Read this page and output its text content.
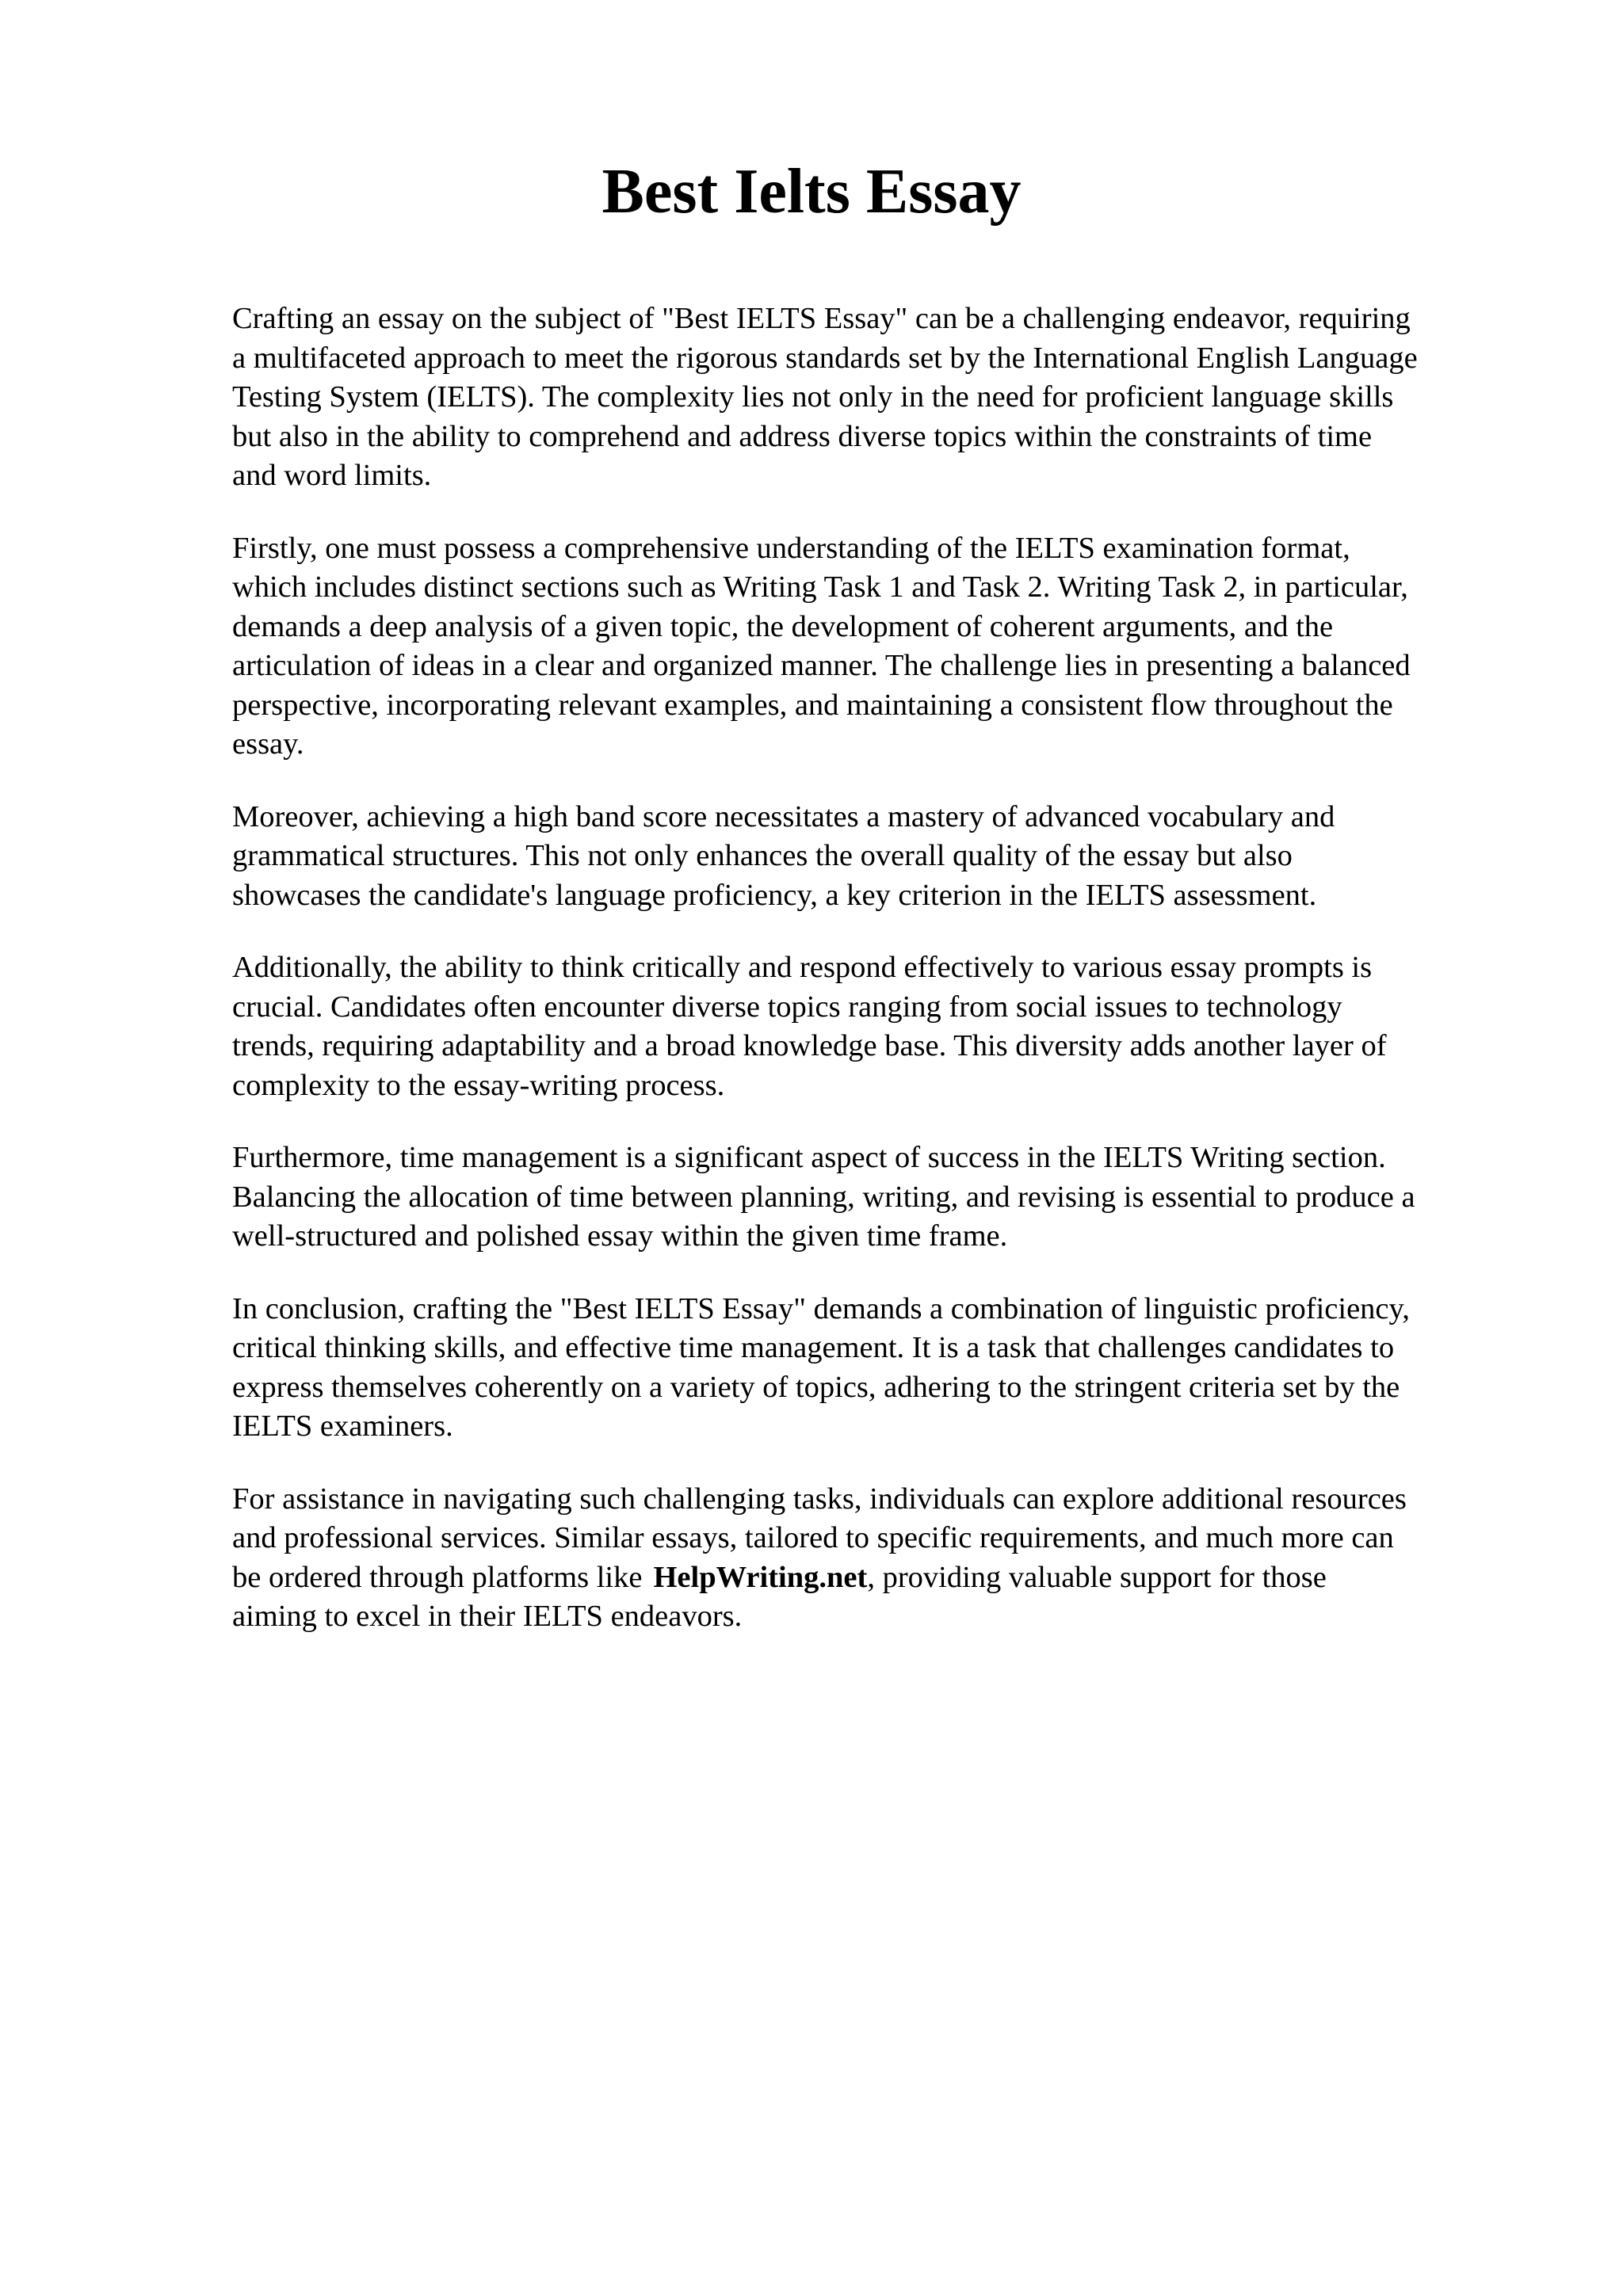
Best Ielts Essay

Crafting an essay on the subject of "Best IELTS Essay" can be a challenging endeavor, requiring
a multifaceted approach to meet the rigorous standards set by the International English Language
Testing System (IELTS). The complexity lies not only in the need for proficient language skills
but also in the ability to comprehend and address diverse topics within the constraints of time
and word limits.

Firstly, one must possess a comprehensive understanding of the IELTS examination format,
which includes distinct sections such as Writing Task 1 and Task 2. Writing Task 2, in particular,
demands a deep analysis of a given topic, the development of coherent arguments, and the
articulation of ideas in a clear and organized manner. The challenge lies in presenting a balanced
perspective, incorporating relevant examples, and maintaining a consistent flow throughout the
essay.

Moreover, achieving a high band score necessitates a mastery of advanced vocabulary and
grammatical structures. This not only enhances the overall quality of the essay but also
showcases the candidate's language proficiency, a key criterion in the IELTS assessment.

Additionally, the ability to think critically and respond effectively to various essay prompts is
crucial. Candidates often encounter diverse topics ranging from social issues to technology
trends, requiring adaptability and a broad knowledge base. This diversity adds another layer of
complexity to the essay-writing process.

Furthermore, time management is a significant aspect of success in the IELTS Writing section.
Balancing the allocation of time between planning, writing, and revising is essential to produce a
well-structured and polished essay within the given time frame.

In conclusion, crafting the "Best IELTS Essay" demands a combination of linguistic proficiency,
critical thinking skills, and effective time management. It is a task that challenges candidates to
express themselves coherently on a variety of topics, adhering to the stringent criteria set by the
IELTS examiners.

For assistance in navigating such challenging tasks, individuals can explore additional resources
and professional services. Similar essays, tailored to specific requirements, and much more can
be ordered through platforms like HelpWriting.net, providing valuable support for those
aiming to excel in their IELTS endeavors.
